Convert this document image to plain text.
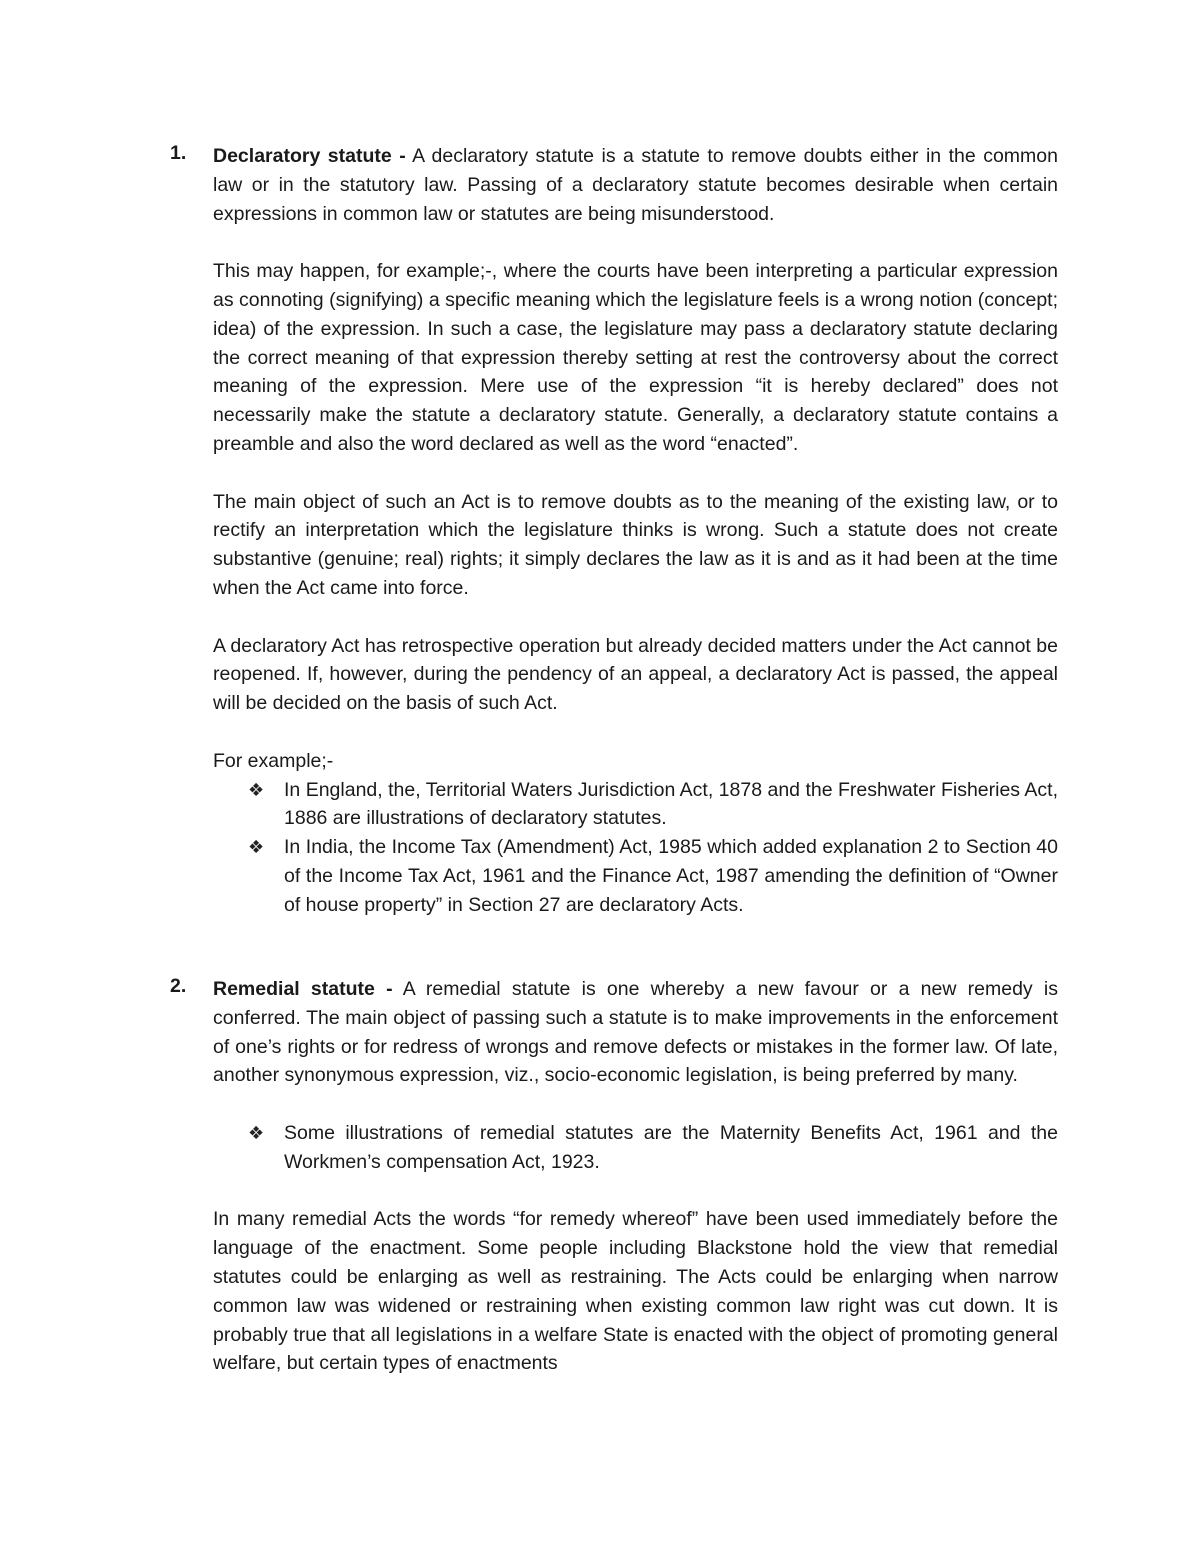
1. Declaratory statute - A declaratory statute is a statute to remove doubts either in the common law or in the statutory law. Passing of a declaratory statute becomes desirable when certain expressions in common law or statutes are being misunderstood.

This may happen, for example;-, where the courts have been interpreting a particular expression as connoting (signifying) a specific meaning which the legislature feels is a wrong notion (concept; idea) of the expression. In such a case, the legislature may pass a declaratory statute declaring the correct meaning of that expression thereby setting at rest the controversy about the correct meaning of the expression. Mere use of the expression “it is hereby declared” does not necessarily make the statute a declaratory statute. Generally, a declaratory statute contains a preamble and also the word declared as well as the word “enacted”.

The main object of such an Act is to remove doubts as to the meaning of the existing law, or to rectify an interpretation which the legislature thinks is wrong. Such a statute does not create substantive (genuine; real) rights; it simply declares the law as it is and as it had been at the time when the Act came into force.

A declaratory Act has retrospective operation but already decided matters under the Act cannot be reopened. If, however, during the pendency of an appeal, a declaratory Act is passed, the appeal will be decided on the basis of such Act.

For example;-

❖ In England, the, Territorial Waters Jurisdiction Act, 1878 and the Freshwater Fisheries Act, 1886 are illustrations of declaratory statutes.
❖ In India, the Income Tax (Amendment) Act, 1985 which added explanation 2 to Section 40 of the Income Tax Act, 1961 and the Finance Act, 1987 amending the definition of “Owner of house property” in Section 27 are declaratory Acts.
2. Remedial statute - A remedial statute is one whereby a new favour or a new remedy is conferred. The main object of passing such a statute is to make improvements in the enforcement of one’s rights or for redress of wrongs and remove defects or mistakes in the former law. Of late, another synonymous expression, viz., socio-economic legislation, is being preferred by many.

❖ Some illustrations of remedial statutes are the Maternity Benefits Act, 1961 and the Workmen’s compensation Act, 1923.

In many remedial Acts the words “for remedy whereof” have been used immediately before the language of the enactment. Some people including Blackstone hold the view that remedial statutes could be enlarging as well as restraining. The Acts could be enlarging when narrow common law was widened or restraining when existing common law right was cut down. It is probably true that all legislations in a welfare State is enacted with the object of promoting general welfare, but certain types of enactments
